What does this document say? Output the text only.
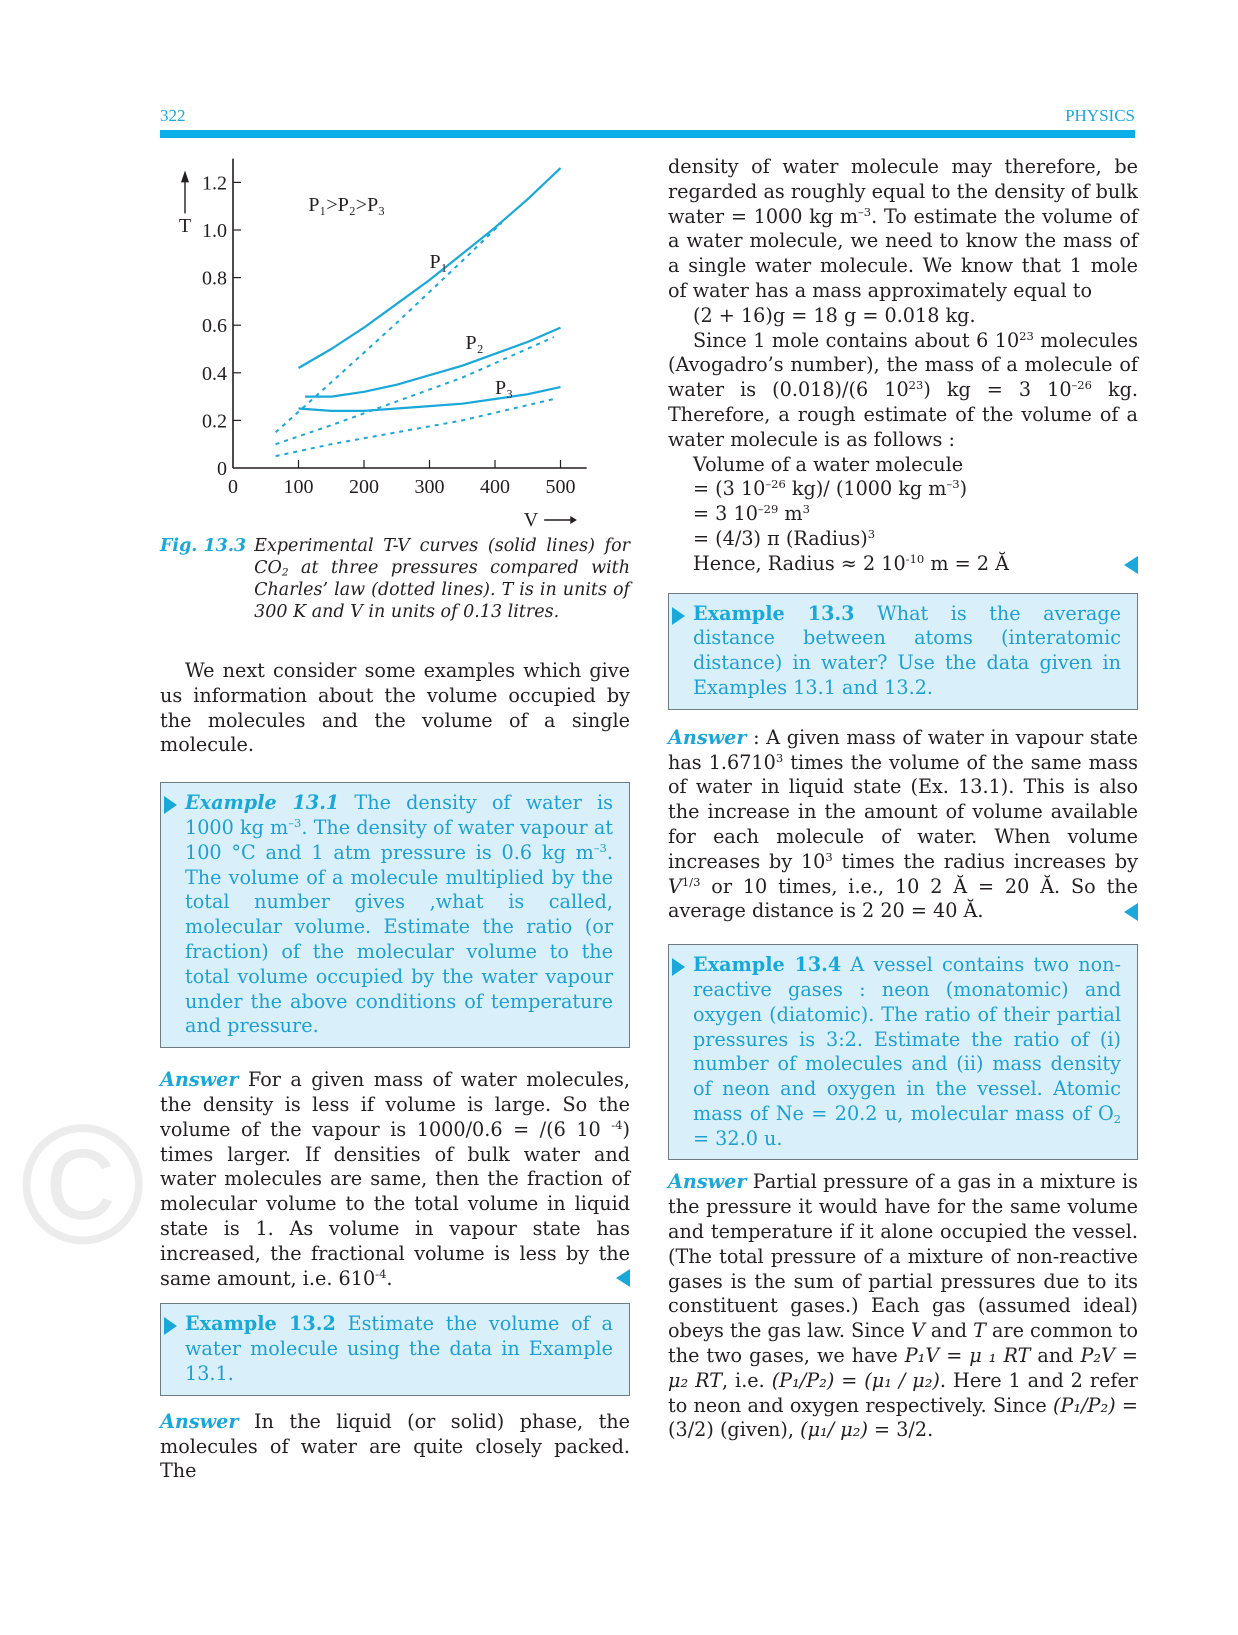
©
322	PHYSICS
0 100 200 300 400 500
0
0.2
0.4
0.6
0.8
1.0
1.2
T
V
P₁>P₂>P₃
P₁
P₂
P₃
Fig. 13.3 Experimental T-V curves (solid lines) for $CO_2$ at three pressures compared with Charles’ law (dotted lines). T is in units of 300 K and V in units of 0.13 litres.

We next consider some examples which give us information about the volume occupied by the molecules and the volume of a single molecule.

Example 13.1 The density of water is 1000 kg $m^{-3}$. The density of water vapour at 100 °C and 1 atm pressure is 0.6 kg $m^{-3}$. The volume of a molecule multiplied by the total number gives ,what is called, molecular volume. Estimate the ratio (or fraction) of the molecular volume to the total volume occupied by the water vapour under the above conditions of temperature and pressure.

Answer For a given mass of water molecules, the density is less if volume is large. So the volume of the vapour is 1000/0.6 = /(6 10 $^{-4}$) times larger. If densities of bulk water and water molecules are same, then the fraction of molecular volume to the total volume in liquid state is 1. As volume in vapour state has increased, the fractional volume is less by the same amount, i.e. $610^{-4}$.

Example 13.2 Estimate the volume of a water molecule using the data in Example 13.1.

Answer In the liquid (or solid) phase, the molecules of water are quite closely packed. The

density of water molecule may therefore, be regarded as roughly equal to the density of bulk water = 1000 kg $m^{-3}$. To estimate the volume of a water molecule, we need to know the mass of a single water molecule. We know that 1 mole of water has a mass approximately equal to

(2 + 16)g = 18 g = 0.018 kg.

Since 1 mole contains about 6 $10^{23}$ molecules (Avogadro’s number), the mass of a molecule of water is (0.018)/(6 $10^{23}$) kg = 3 $10^{-26}$ kg. Therefore, a rough estimate of the volume of a water molecule is as follows :

Volume of a water molecule

= (3 $10^{-26}$ kg)/ (1000 kg $m^{-3}$)

= 3 $10^{-29}$ $m^3$

= (4/3) π (Radius)$^3$

Hence, Radius ≈ 2 $10^{-10}$ m = 2 Ă

Example 13.3 What is the average distance between atoms (interatomic distance) in water? Use the data given in Examples 13.1 and 13.2.

Answer : A given mass of water in vapour state has 1.6710$^3$ times the volume of the same mass of water in liquid state (Ex. 13.1). This is also the increase in the amount of volume available for each molecule of water. When volume increases by $10^3$ times the radius increases by $V^{1/3}$ or 10 times, i.e., 10 2 Ă = 20 Ă. So the average distance is 2 20 = 40 Ă.

Example 13.4 A vessel contains two non-reactive gases : neon (monatomic) and oxygen (diatomic). The ratio of their partial pressures is 3:2. Estimate the ratio of (i) number of molecules and (ii) mass density of neon and oxygen in the vessel. Atomic mass of Ne = 20.2 u, molecular mass of $O_2 = 32.0$ u.

Answer Partial pressure of a gas in a mixture is the pressure it would have for the same volume and temperature if it alone occupied the vessel. (The total pressure of a mixture of non-reactive gases is the sum of partial pressures due to its constituent gases.) Each gas (assumed ideal) obeys the gas law. Since V and T are common to the two gases, we have P₁V = μ ₁ RT and P₂V = μ₂ RT, i.e. (P₁/P₂) = (μ₁ / μ₂). Here 1 and 2 refer to neon and oxygen respectively. Since (P₁/P₂) = (3/2) (given), (μ₁/ μ₂) = 3/2.
